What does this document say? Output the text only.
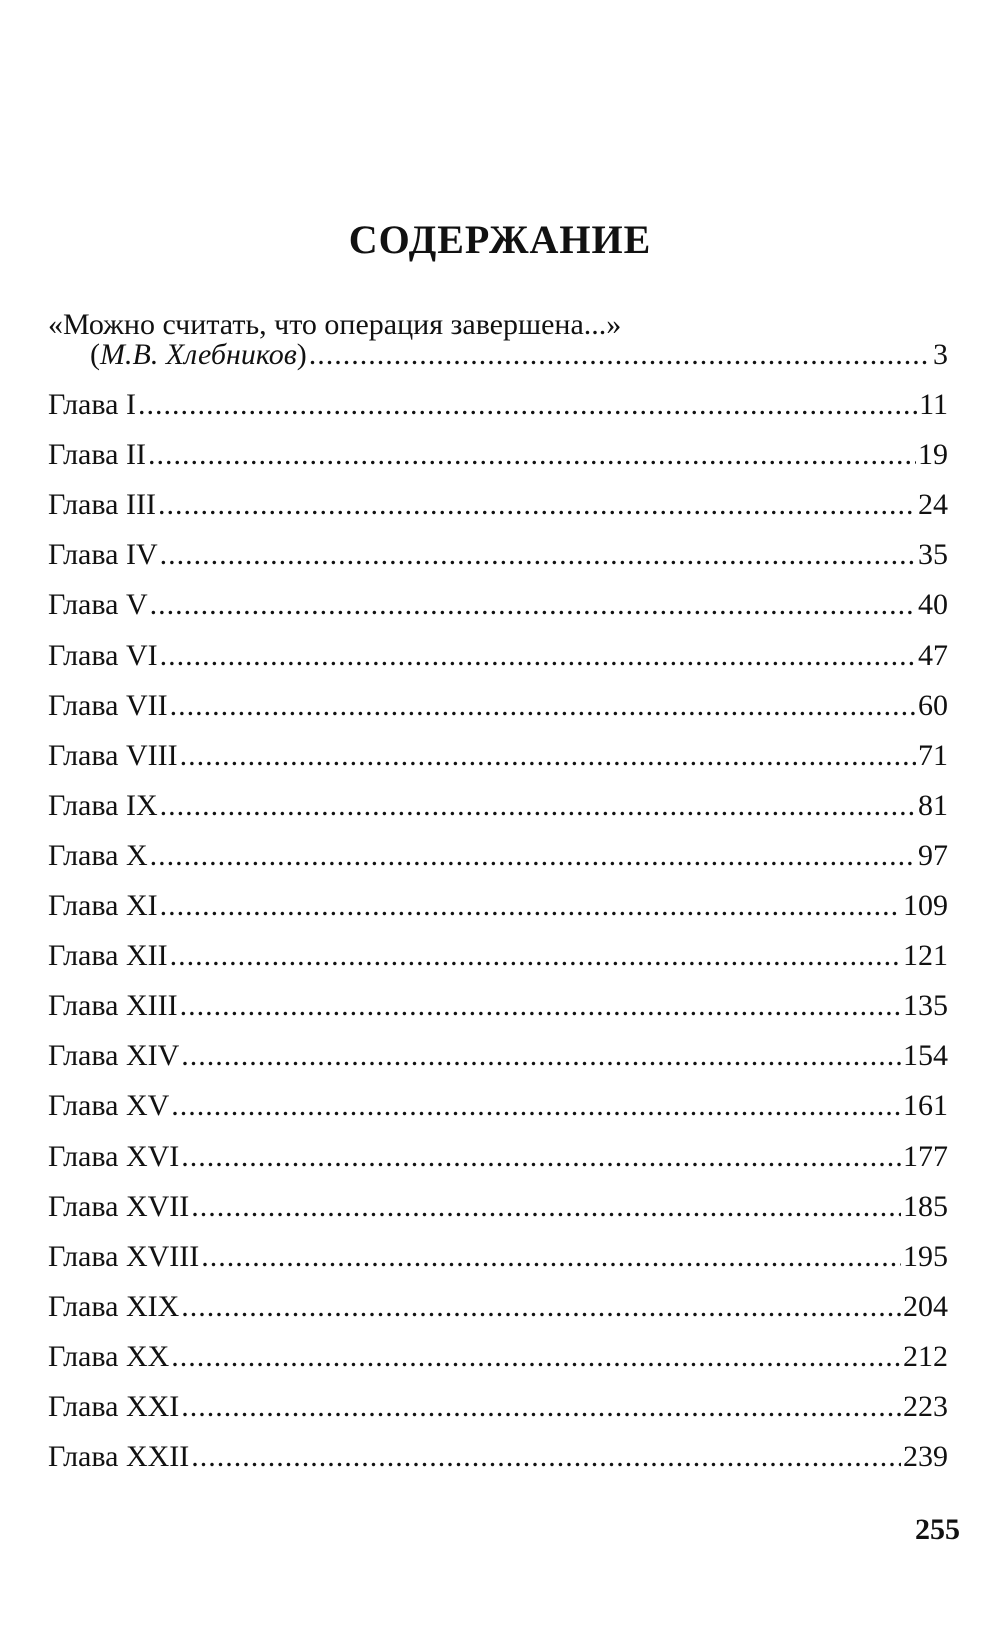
СОДЕРЖАНИЕ
«Можно считать, что операция завершена...»
(М.В. Хлебников) .....	3
Глава I .....	11
Глава II .....	19
Глава III .....	24
Глава IV .....	35
Глава V .....	40
Глава VI .....	47
Глава VII .....	60
Глава VIII .....	71
Глава IX .....	81
Глава X .....	97
Глава XI .....	109
Глава XII .....	121
Глава XIII .....	135
Глава XIV .....	154
Глава XV .....	161
Глава XVI .....	177
Глава XVII .....	185
Глава XVIII .....	195
Глава XIX .....	204
Глава XX .....	212
Глава XXI .....	223
Глава XXII .....	239
255
